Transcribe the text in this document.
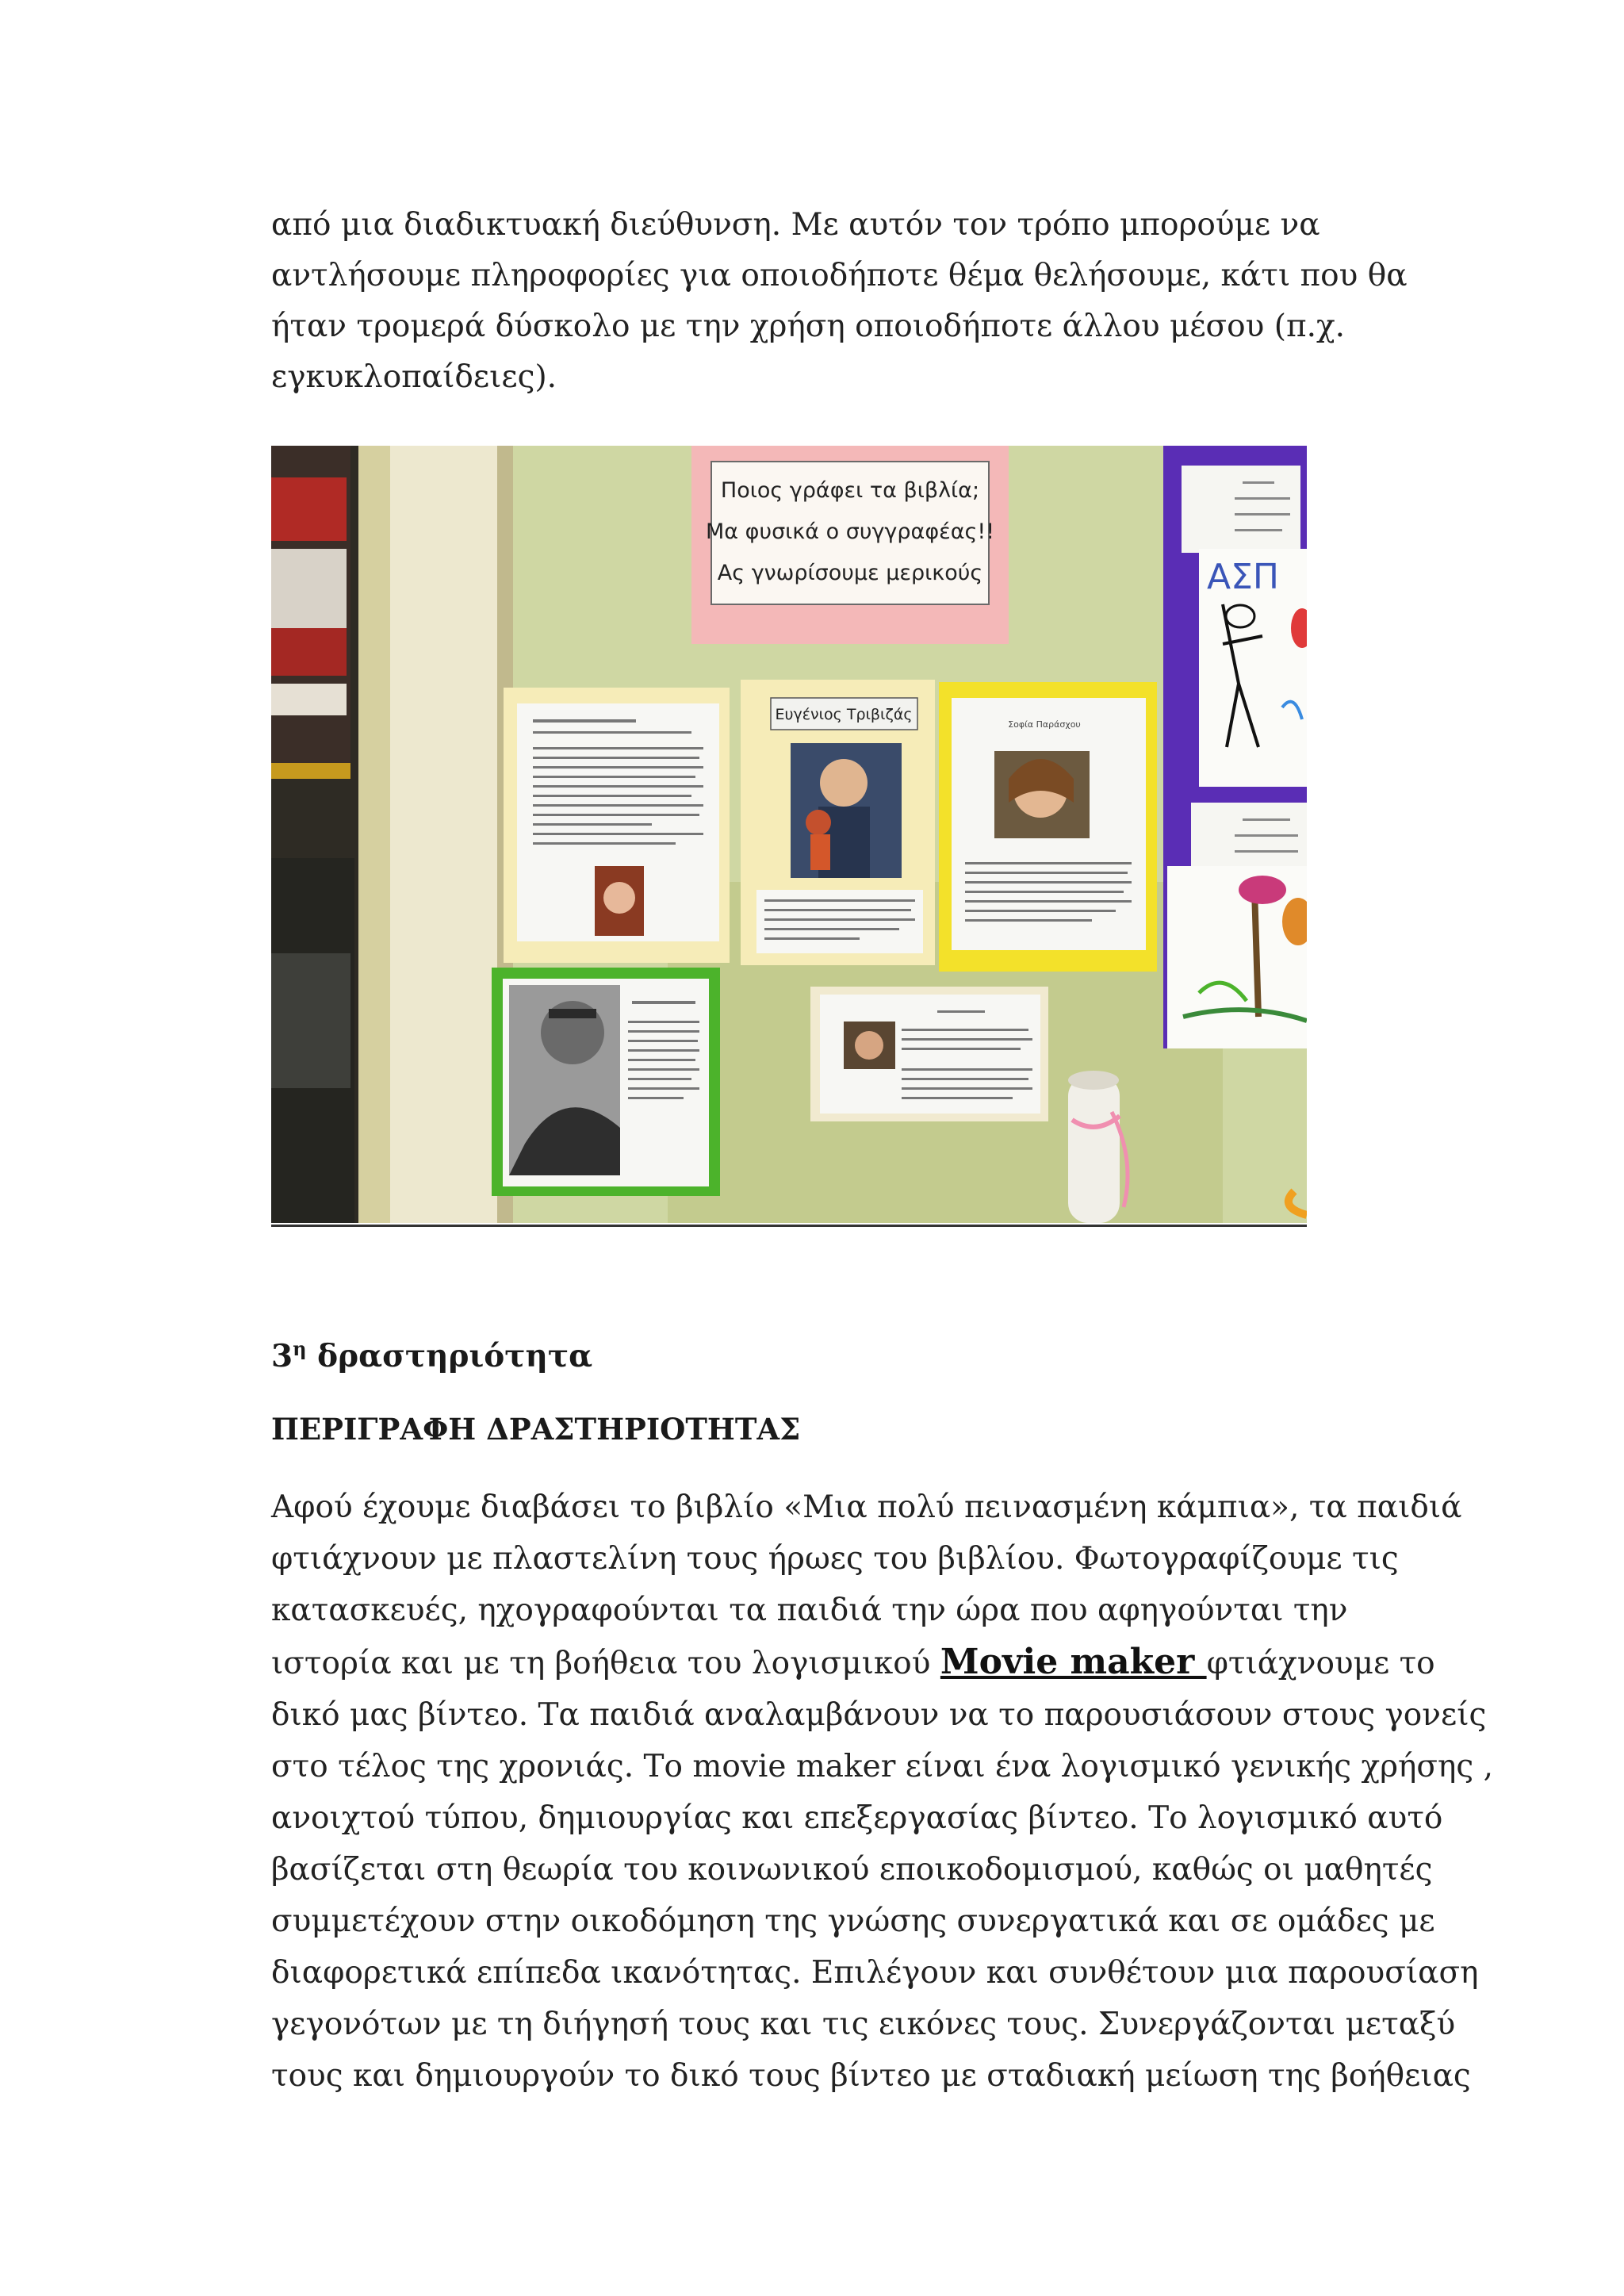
από μια διαδικτυακή διεύθυνση. Με αυτόν τον τρόπο μπορούμε να
αντλήσουμε πληροφορίες για οποιοδήποτε θέμα θελήσουμε, κάτι που θα
ήταν τρομερά δύσκολο με την χρήση οποιοδήποτε άλλου μέσου (π.χ.
εγκυκλοπαίδειες).
Ποιος γράφει τα βιβλία;
Μα φυσικά ο συγγραφέας!!
Ας γνωρίσουμε μερικούς
Ευγένιος Τριβιζάς
Σοφία Παράσχου
ΑΣΠ
$3^\eta$ δραστηριότητα
ΠΕΡΙΓΡΑΦΗ ΔΡΑΣΤΗΡΙΟΤΗΤΑΣ
Αφού έχουμε διαβάσει το βιβλίο «Μια πολύ πεινασμένη κάμπια», τα παιδιά
φτιάχνουν με πλαστελίνη τους ήρωες του βιβλίου. Φωτογραφίζουμε τις
κατασκευές, ηχογραφούνται τα παιδιά την ώρα που αφηγούνται την
ιστορία και με τη βοήθεια του λογισμικού Movie maker φτιάχνουμε το
δικό μας βίντεο. Τα παιδιά αναλαμβάνουν να το παρουσιάσουν στους γονείς
στο τέλος της χρονιάς. Το movie maker είναι ένα λογισμικό γενικής χρήσης ,
ανοιχτού τύπου, δημιουργίας και επεξεργασίας βίντεο. Το λογισμικό αυτό
βασίζεται στη θεωρία του κοινωνικού εποικοδομισμού, καθώς οι μαθητές
συμμετέχουν στην οικοδόμηση της γνώσης συνεργατικά και σε ομάδες με
διαφορετικά επίπεδα ικανότητας. Επιλέγουν και συνθέτουν μια παρουσίαση
γεγονότων με τη διήγησή τους και τις εικόνες τους. Συνεργάζονται μεταξύ
τους και δημιουργούν το δικό τους βίντεο με σταδιακή μείωση της βοήθειας
